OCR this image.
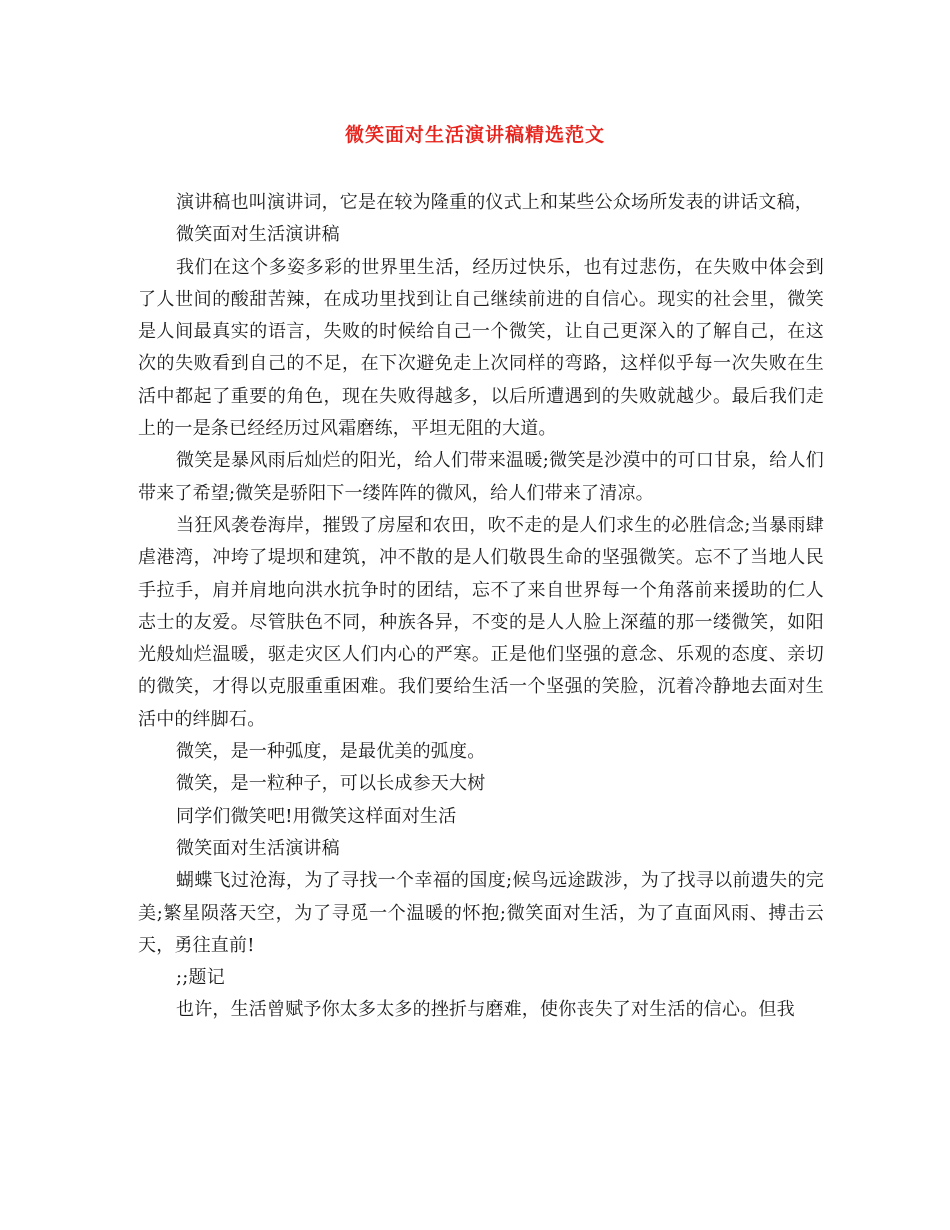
微笑面对生活演讲稿精选范文

演讲稿也叫演讲词，它是在较为隆重的仪式上和某些公众场所发表的讲话文稿，

微笑面对生活演讲稿

我们在这个多姿多彩的世界里生活，经历过快乐，也有过悲伤，在失败中体会到了人世间的酸甜苦辣，在成功里找到让自己继续前进的自信心。现实的社会里，微笑是人间最真实的语言，失败的时候给自己一个微笑，让自己更深入的了解自己，在这次的失败看到自己的不足，在下次避免走上次同样的弯路，这样似乎每一次失败在生活中都起了重要的角色，现在失败得越多，以后所遭遇到的失败就越少。最后我们走上的一是条已经经历过风霜磨练，平坦无阻的大道。

微笑是暴风雨后灿烂的阳光，给人们带来温暖;微笑是沙漠中的可口甘泉，给人们带来了希望;微笑是骄阳下一缕阵阵的微风，给人们带来了清凉。

当狂风袭卷海岸，摧毁了房屋和农田，吹不走的是人们求生的必胜信念;当暴雨肆虐港湾，冲垮了堤坝和建筑，冲不散的是人们敬畏生命的坚强微笑。忘不了当地人民手拉手，肩并肩地向洪水抗争时的团结，忘不了来自世界每一个角落前来援助的仁人志士的友爱。尽管肤色不同，种族各异，不变的是人人脸上深蕴的那一缕微笑，如阳光般灿烂温暖，驱走灾区人们内心的严寒。正是他们坚强的意念、乐观的态度、亲切的微笑，才得以克服重重困难。我们要给生活一个坚强的笑脸，沉着冷静地去面对生活中的绊脚石。

微笑，是一种弧度，是最优美的弧度。

微笑，是一粒种子，可以长成参天大树

同学们微笑吧!用微笑这样面对生活

微笑面对生活演讲稿

蝴蝶飞过沧海，为了寻找一个幸福的国度;候鸟远途跋涉，为了找寻以前遗失的完美;繁星陨落天空，为了寻觅一个温暖的怀抱;微笑面对生活，为了直面风雨、搏击云天，勇往直前!

;;题记

也许，生活曾赋予你太多太多的挫折与磨难，使你丧失了对生活的信心。但我
